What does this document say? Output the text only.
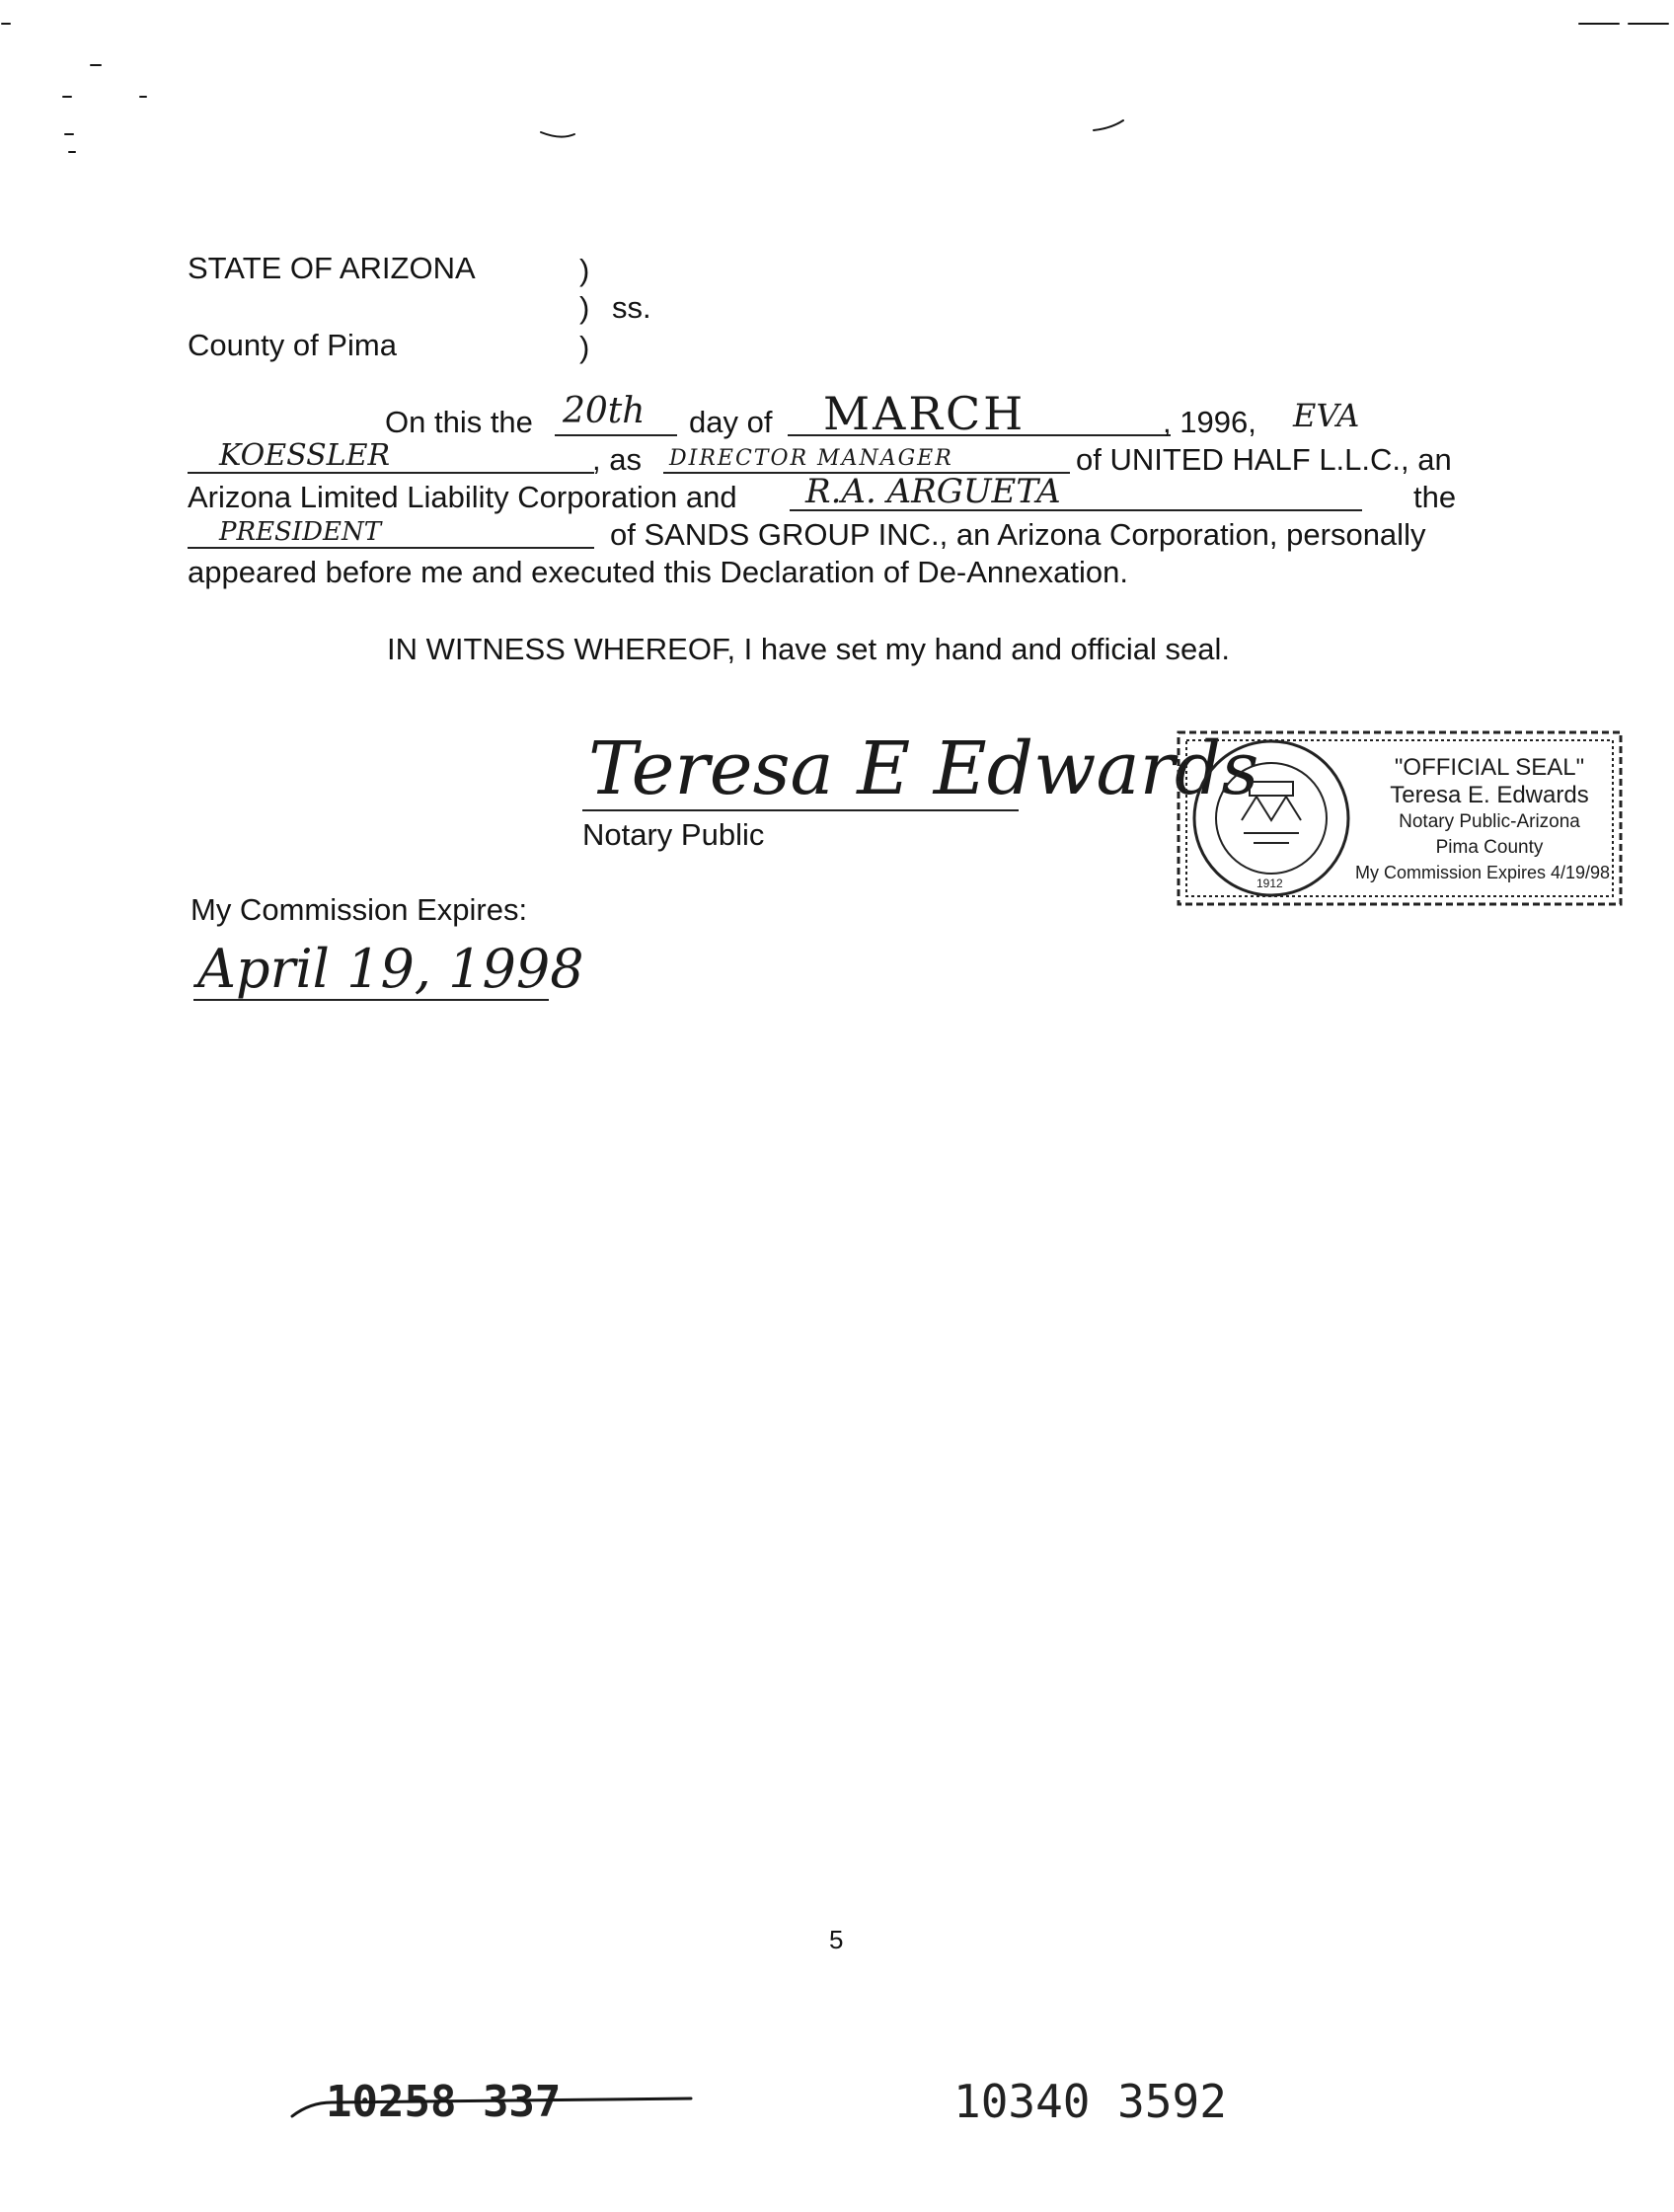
STATE OF ARIZONA	)
) ss.
County of Pima	)
On this the 20th day of MARCH	, 1996, EVA
KOESSLER	, as DIRECTOR MANAGER	of UNITED HALF L.L.C., an
Arizona Limited Liability Corporation and R.A. ARGUETA	the
PRESIDENT	of SANDS GROUP INC., an Arizona Corporation, personally
appeared before me and executed this Declaration of De-Annexation.
IN WITNESS WHEREOF, I have set my hand and official seal.
Teresa E Edwards
Notary Public
1912
"OFFICIAL SEAL"
Teresa E. Edwards
Notary Public-Arizona
Pima County
My Commission Expires 4/19/98
My Commission Expires:
April 19, 1998
5
10258 337	10340 3592
